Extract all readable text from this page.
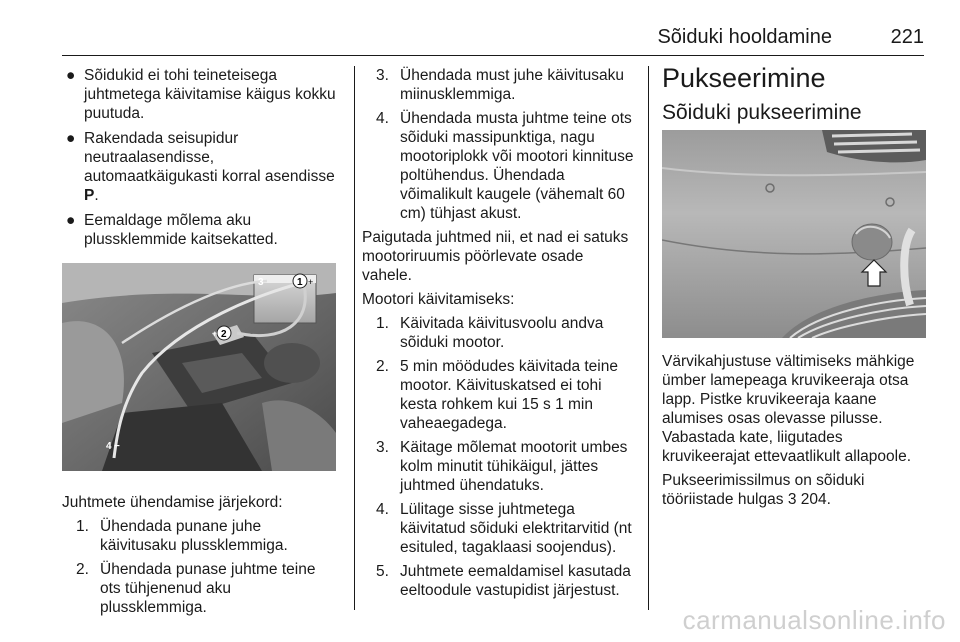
Sõiduki hooldamine	221
● Sõidukid ei tohi teineteisega juhtmetega käivitamise käigus kokku puutuda.
● Rakendada seisupidur neutraalasendisse, automaatkäigukasti korral asendisse P.
● Eemaldage mõlema aku plussklemmide kaitsekatted.
1
2
3
4 −
+
+
Juhtmete ühendamise järjekord:
1. Ühendada punane juhe käivitusaku plussklemmiga.
2. Ühendada punase juhtme teine ots tühjenenud aku plussklemmiga.
3. Ühendada must juhe käivitusaku miinusklemmiga.
4. Ühendada musta juhtme teine ots sõiduki massipunktiga, nagu mootoriplokk või mootori kinnituse poltühendus. Ühendada võimalikult kaugele (vähemalt 60 cm) tühjast akust.
Paigutada juhtmed nii, et nad ei satuks mootoriruumis pöörlevate osade vahele.
Mootori käivitamiseks:
1. Käivitada käivitusvoolu andva sõiduki mootor.
2. 5 min möödudes käivitada teine mootor. Käivituskatsed ei tohi kesta rohkem kui 15 s 1 min vaheaegadega.
3. Käitage mõlemat mootorit umbes kolm minutit tühikäigul, jättes juhtmed ühendatuks.
4. Lülitage sisse juhtmetega käivitatud sõiduki elektritarvitid (nt esituled, tagaklaasi soojendus).
5. Juhtmete eemaldamisel kasutada eeltoodule vastupidist järjestust.
Pukseerimine
Sõiduki pukseerimine
Värvikahjustuse vältimiseks mähkige ümber lamepeaga kruvikeeraja otsa lapp. Pistke kruvikeeraja kaane alumises osas olevasse pilusse. Vabastada kate, liigutades kruvikeerajat ettevaatlikult allapoole.
Pukseerimissilmus on sõiduki tööriistade hulgas 3 204.
carmanualsonline.info
